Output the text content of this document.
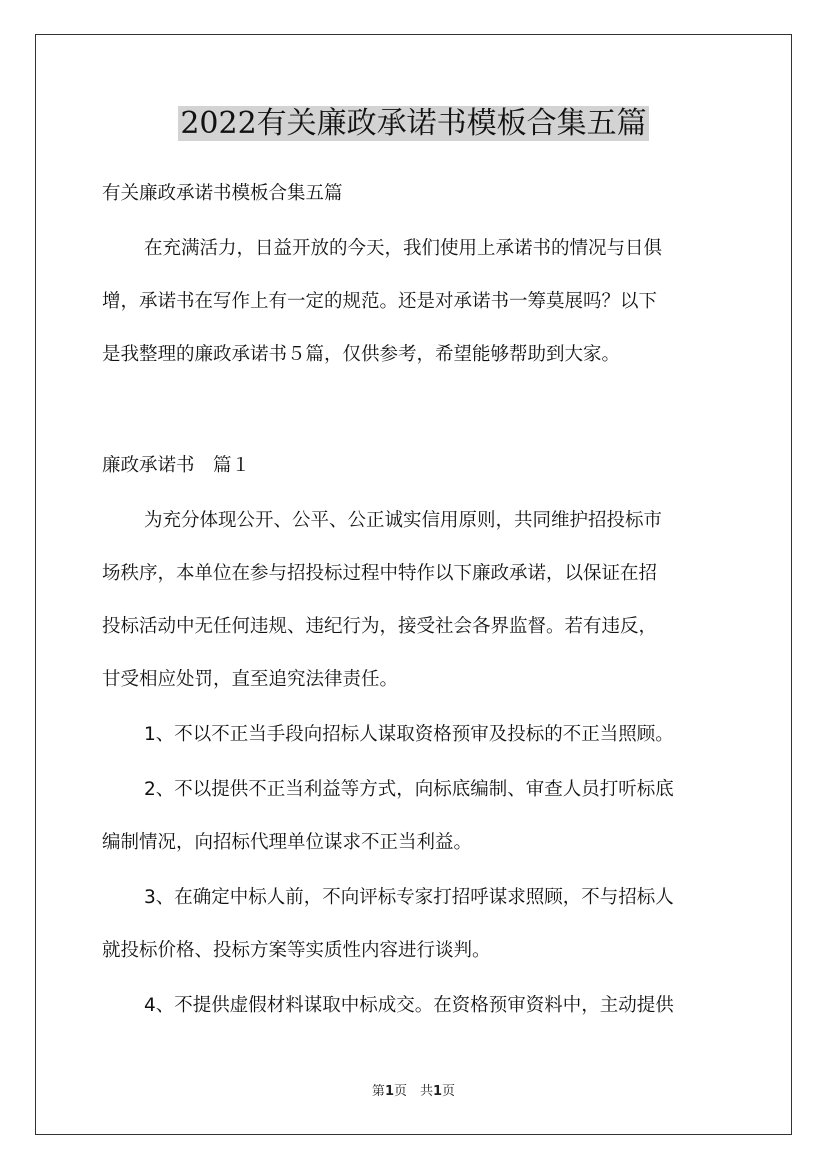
2022有关廉政承诺书模板合集五篇
有关廉政承诺书模板合集五篇
在充满活力，日益开放的今天，我们使用上承诺书的情况与日俱
增，承诺书在写作上有一定的规范。还是对承诺书一筹莫展吗？以下
是我整理的廉政承诺书５篇，仅供参考，希望能够帮助到大家。
廉政承诺书　篇１
为充分体现公开、公平、公正诚实信用原则，共同维护招投标市
场秩序，本单位在参与招投标过程中特作以下廉政承诺，以保证在招
投标活动中无任何违规、违纪行为，接受社会各界监督。若有违反，
甘受相应处罚，直至追究法律责任。
1、不以不正当手段向招标人谋取资格预审及投标的不正当照顾。
2、不以提供不正当利益等方式，向标底编制、审查人员打听标底
编制情况，向招标代理单位谋求不正当利益。
3、在确定中标人前，不向评标专家打招呼谋求照顾，不与招标人
就投标价格、投标方案等实质性内容进行谈判。
4、不提供虚假材料谋取中标成交。在资格预审资料中，主动提供
第1页　共1页
